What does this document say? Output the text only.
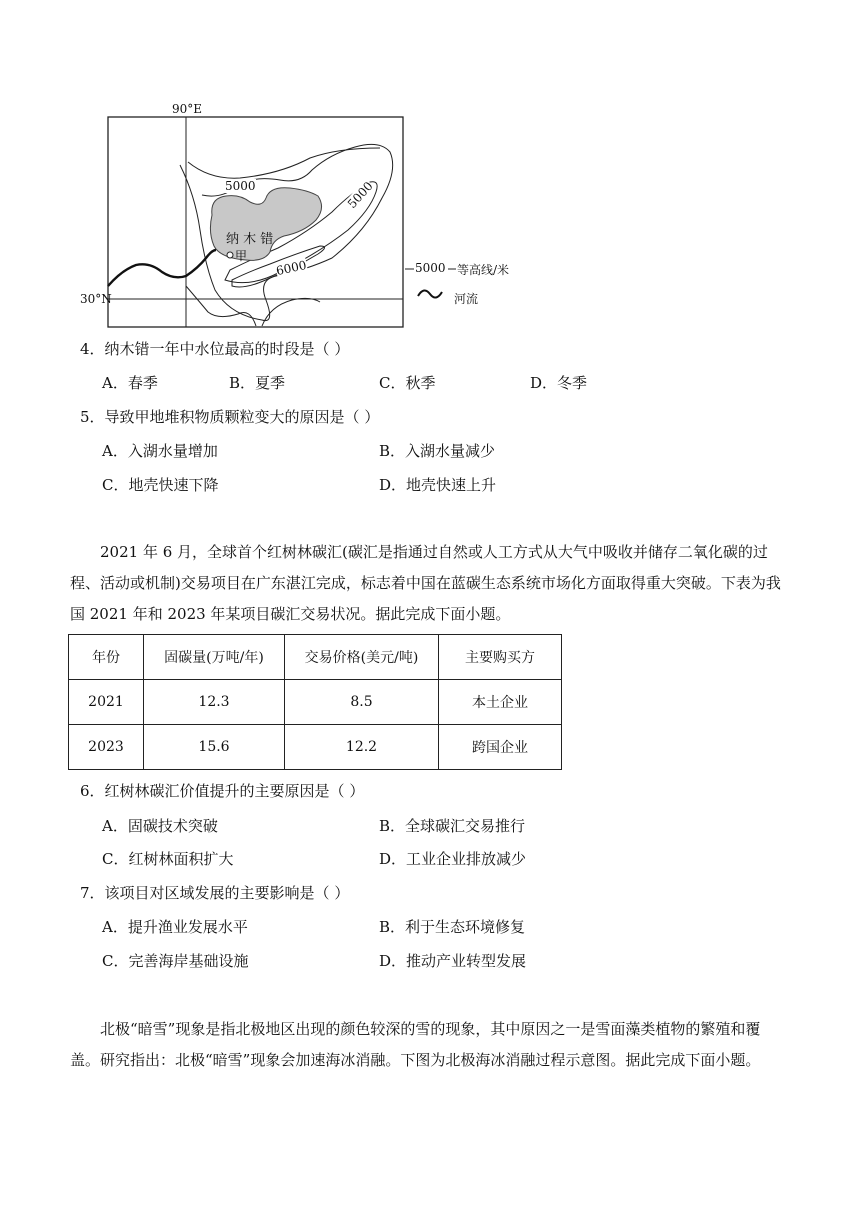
90°E
30°N
5000	5000
6000
纳 木 错
甲
5000 等高线/米
河流
4．纳木错一年中水位最高的时段是（ ）
A．春季	B．夏季	C．秋季	D．冬季
5．导致甲地堆积物质颗粒变大的原因是（ ）
A．入湖水量增加	B．入湖水量减少
C．地壳快速下降	D．地壳快速上升
2021 年 6 月，全球首个红树林碳汇(碳汇是指通过自然或人工方式从大气中吸收并储存二氧化碳的过程、活动或机制)交易项目在广东湛江完成，标志着中国在蓝碳生态系统市场化方面取得重大突破。下表为我国 2021 年和 2023 年某项目碳汇交易状况。据此完成下面小题。
年份	固碳量(万吨/年)	交易价格(美元/吨)	主要购买方
2021	12.3	8.5	本土企业
2023	15.6	12.2	跨国企业
6．红树林碳汇价值提升的主要原因是（ ）
A．固碳技术突破	B．全球碳汇交易推行
C．红树林面积扩大	D．工业企业排放减少
7．该项目对区域发展的主要影响是（ ）
A．提升渔业发展水平	B．利于生态环境修复
C．完善海岸基础设施	D．推动产业转型发展
北极“暗雪”现象是指北极地区出现的颜色较深的雪的现象，其中原因之一是雪面藻类植物的繁殖和覆盖。研究指出：北极“暗雪”现象会加速海冰消融。下图为北极海冰消融过程示意图。据此完成下面小题。
